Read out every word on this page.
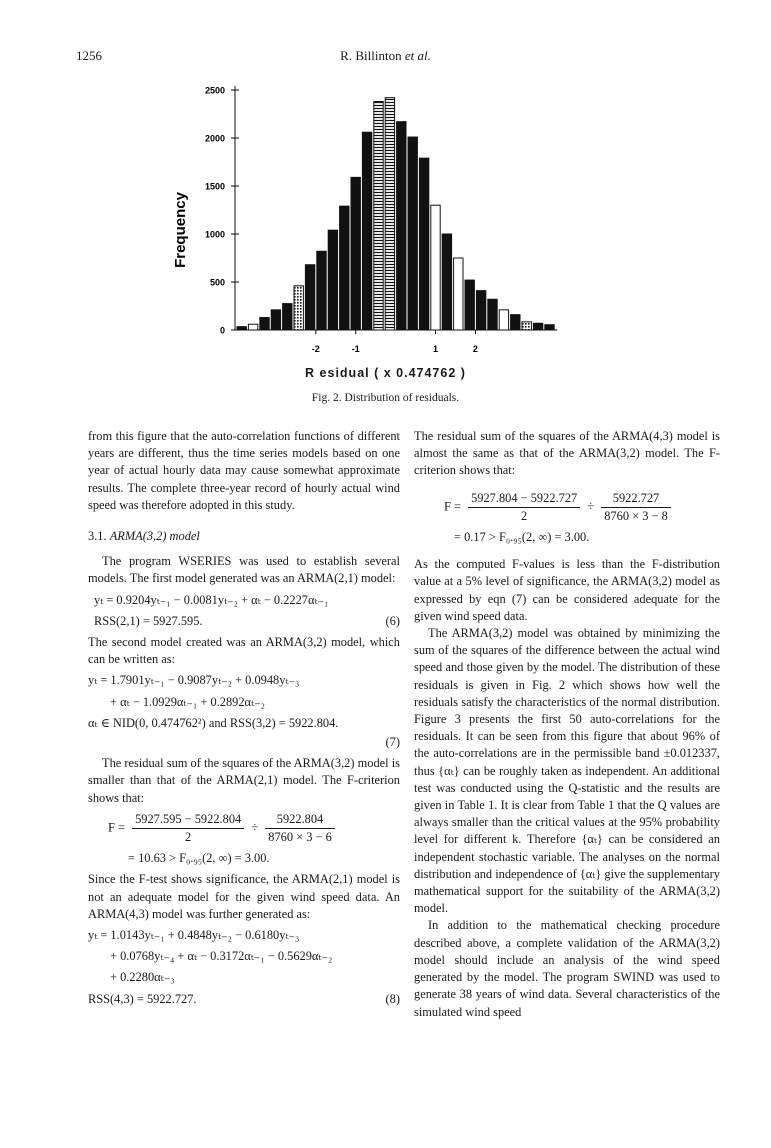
1256	R. Billinton et al.
0
500
1000
1500
2000
2500
-2	-1	1	2
Frequency
R esidual ( x 0.474762 )
Fig. 2. Distribution of residuals.

from this figure that the auto-correlation functions of different years are different, thus the time series models based on one year of actual hourly data may cause somewhat approximate results. The complete three-year record of hourly actual wind speed was therefore adopted in this study.

3.1. ARMA(3,2) model

The program WSERIES was used to establish several models. The first model generated was an ARMA(2,1) model:

yₜ = 0.9204yₜ₋₁ − 0.0081yₜ₋₂ + αₜ − 0.2227αₜ₋₁
RSS(2,1) = 5927.595.	(6)

The second model created was an ARMA(3,2) model, which can be written as:

yₜ = 1.7901yₜ₋₁ − 0.9087yₜ₋₂ + 0.0948yₜ₋₃
+ αₜ − 1.0929αₜ₋₁ + 0.2892αₜ₋₂
αₜ ∈ NID(0, 0.474762²) and RSS(3,2) = 5922.804.
(7)

The residual sum of the squares of the ARMA(3,2) model is smaller than that of the ARMA(2,1) model. The F-criterion shows that:

$F = \frac{5927.595 - 5922.804}{2} \div \frac{5922.804}{8760 \times 3 - 6}$
= 10.63 > F₀.₉₅(2, ∞) = 3.00.

Since the F-test shows significance, the ARMA(2,1) model is not an adequate model for the given wind speed data. An ARMA(4,3) model was further generated as:

yₜ = 1.0143yₜ₋₁ + 0.4848yₜ₋₂ − 0.6180yₜ₋₃
+ 0.0768yₜ₋₄ + αₜ − 0.3172αₜ₋₁ − 0.5629αₜ₋₂
+ 0.2280αₜ₋₃
RSS(4,3) = 5922.727.	(8)

The residual sum of the squares of the ARMA(4,3) model is almost the same as that of the ARMA(3,2) model. The F-criterion shows that:

$F = \frac{5927.804 - 5922.727}{2} \div \frac{5922.727}{8760 \times 3 - 8}$
= 0.17 > F₀.₉₅(2, ∞) = 3.00.

As the computed F-values is less than the F-distribution value at a 5% level of significance, the ARMA(3,2) model as expressed by eqn (7) can be considered adequate for the given wind speed data.

The ARMA(3,2) model was obtained by minimizing the sum of the squares of the difference between the actual wind speed and those given by the model. The distribution of these residuals is given in Fig. 2 which shows how well the residuals satisfy the characteristics of the normal distribution. Figure 3 presents the first 50 auto-correlations for the residuals. It can be seen from this figure that about 96% of the auto-correlations are in the permissible band ±0.012337, thus {αₜ} can be roughly taken as independent. An additional test was conducted using the Q-statistic and the results are given in Table 1. It is clear from Table 1 that the Q values are always smaller than the critical values at the 95% probability level for different k. Therefore {αₜ} can be considered an independent stochastic variable. The analyses on the normal distribution and independence of {αₜ} give the supplementary mathematical support for the suitability of the ARMA(3,2) model.

In addition to the mathematical checking procedure described above, a complete validation of the ARMA(3,2) model should include an analysis of the wind speed generated by the model. The program SWIND was used to generate 38 years of wind data. Several characteristics of the simulated wind speed
